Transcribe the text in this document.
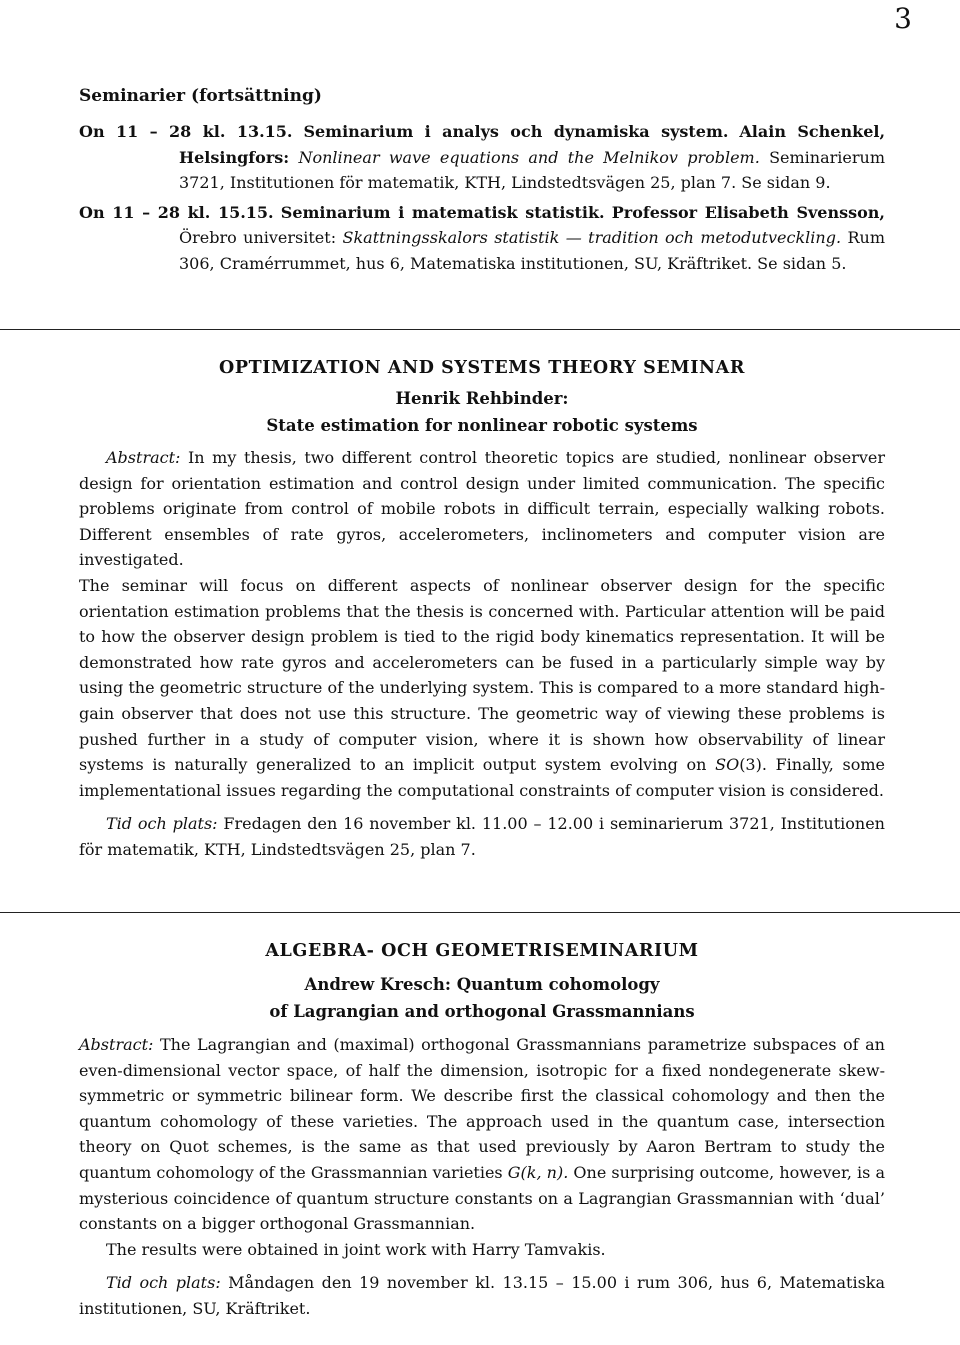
3

Seminarier (fortsättning)

On 11 – 28 kl. 13.15. Seminarium i analys och dynamiska system. Alain Schenkel, Helsingfors: Nonlinear wave equations and the Melnikov problem. Seminarierum 3721, Institutionen för matematik, KTH, Lindstedtsvägen 25, plan 7. Se sidan 9.

On 11 – 28 kl. 15.15. Seminarium i matematisk statistik. Professor Elisabeth Svensson, Örebro universitet: Skattningsskalors statistik — tradition och metodutveckling. Rum 306, Cramérrummet, hus 6, Matematiska institutionen, SU, Kräftriket. Se sidan 5.

OPTIMIZATION AND SYSTEMS THEORY SEMINAR

Henrik Rehbinder:

State estimation for nonlinear robotic systems

Abstract: In my thesis, two different control theoretic topics are studied, nonlinear observer design for orientation estimation and control design under limited communication. The specific problems originate from control of mobile robots in difficult terrain, especially walking robots. Different ensembles of rate gyros, accelerometers, inclinometers and computer vision are investigated.

The seminar will focus on different aspects of nonlinear observer design for the specific orientation estimation problems that the thesis is concerned with. Particular attention will be paid to how the observer design problem is tied to the rigid body kinematics representation. It will be demonstrated how rate gyros and accelerometers can be fused in a particularly simple way by using the geometric structure of the underlying system. This is compared to a more standard high-gain observer that does not use this structure. The geometric way of viewing these problems is pushed further in a study of computer vision, where it is shown how observability of linear systems is naturally generalized to an implicit output system evolving on SO(3). Finally, some implementational issues regarding the computational constraints of computer vision is considered.

Tid och plats: Fredagen den 16 november kl. 11.00 – 12.00 i seminarierum 3721, Institutionen för matematik, KTH, Lindstedtsvägen 25, plan 7.

ALGEBRA- OCH GEOMETRISEMINARIUM

Andrew Kresch: Quantum cohomology

of Lagrangian and orthogonal Grassmannians

Abstract: The Lagrangian and (maximal) orthogonal Grassmannians parametrize subspaces of an even-dimensional vector space, of half the dimension, isotropic for a fixed nondegenerate skew-symmetric or symmetric bilinear form. We describe first the classical cohomology and then the quantum cohomology of these varieties. The approach used in the quantum case, intersection theory on Quot schemes, is the same as that used previously by Aaron Bertram to study the quantum cohomology of the Grassmannian varieties G(k, n). One surprising outcome, however, is a mysterious coincidence of quantum structure constants on a Lagrangian Grassmannian with ‘dual’ constants on a bigger orthogonal Grassmannian.

The results were obtained in joint work with Harry Tamvakis.

Tid och plats: Måndagen den 19 november kl. 13.15 – 15.00 i rum 306, hus 6, Matematiska institutionen, SU, Kräftriket.
